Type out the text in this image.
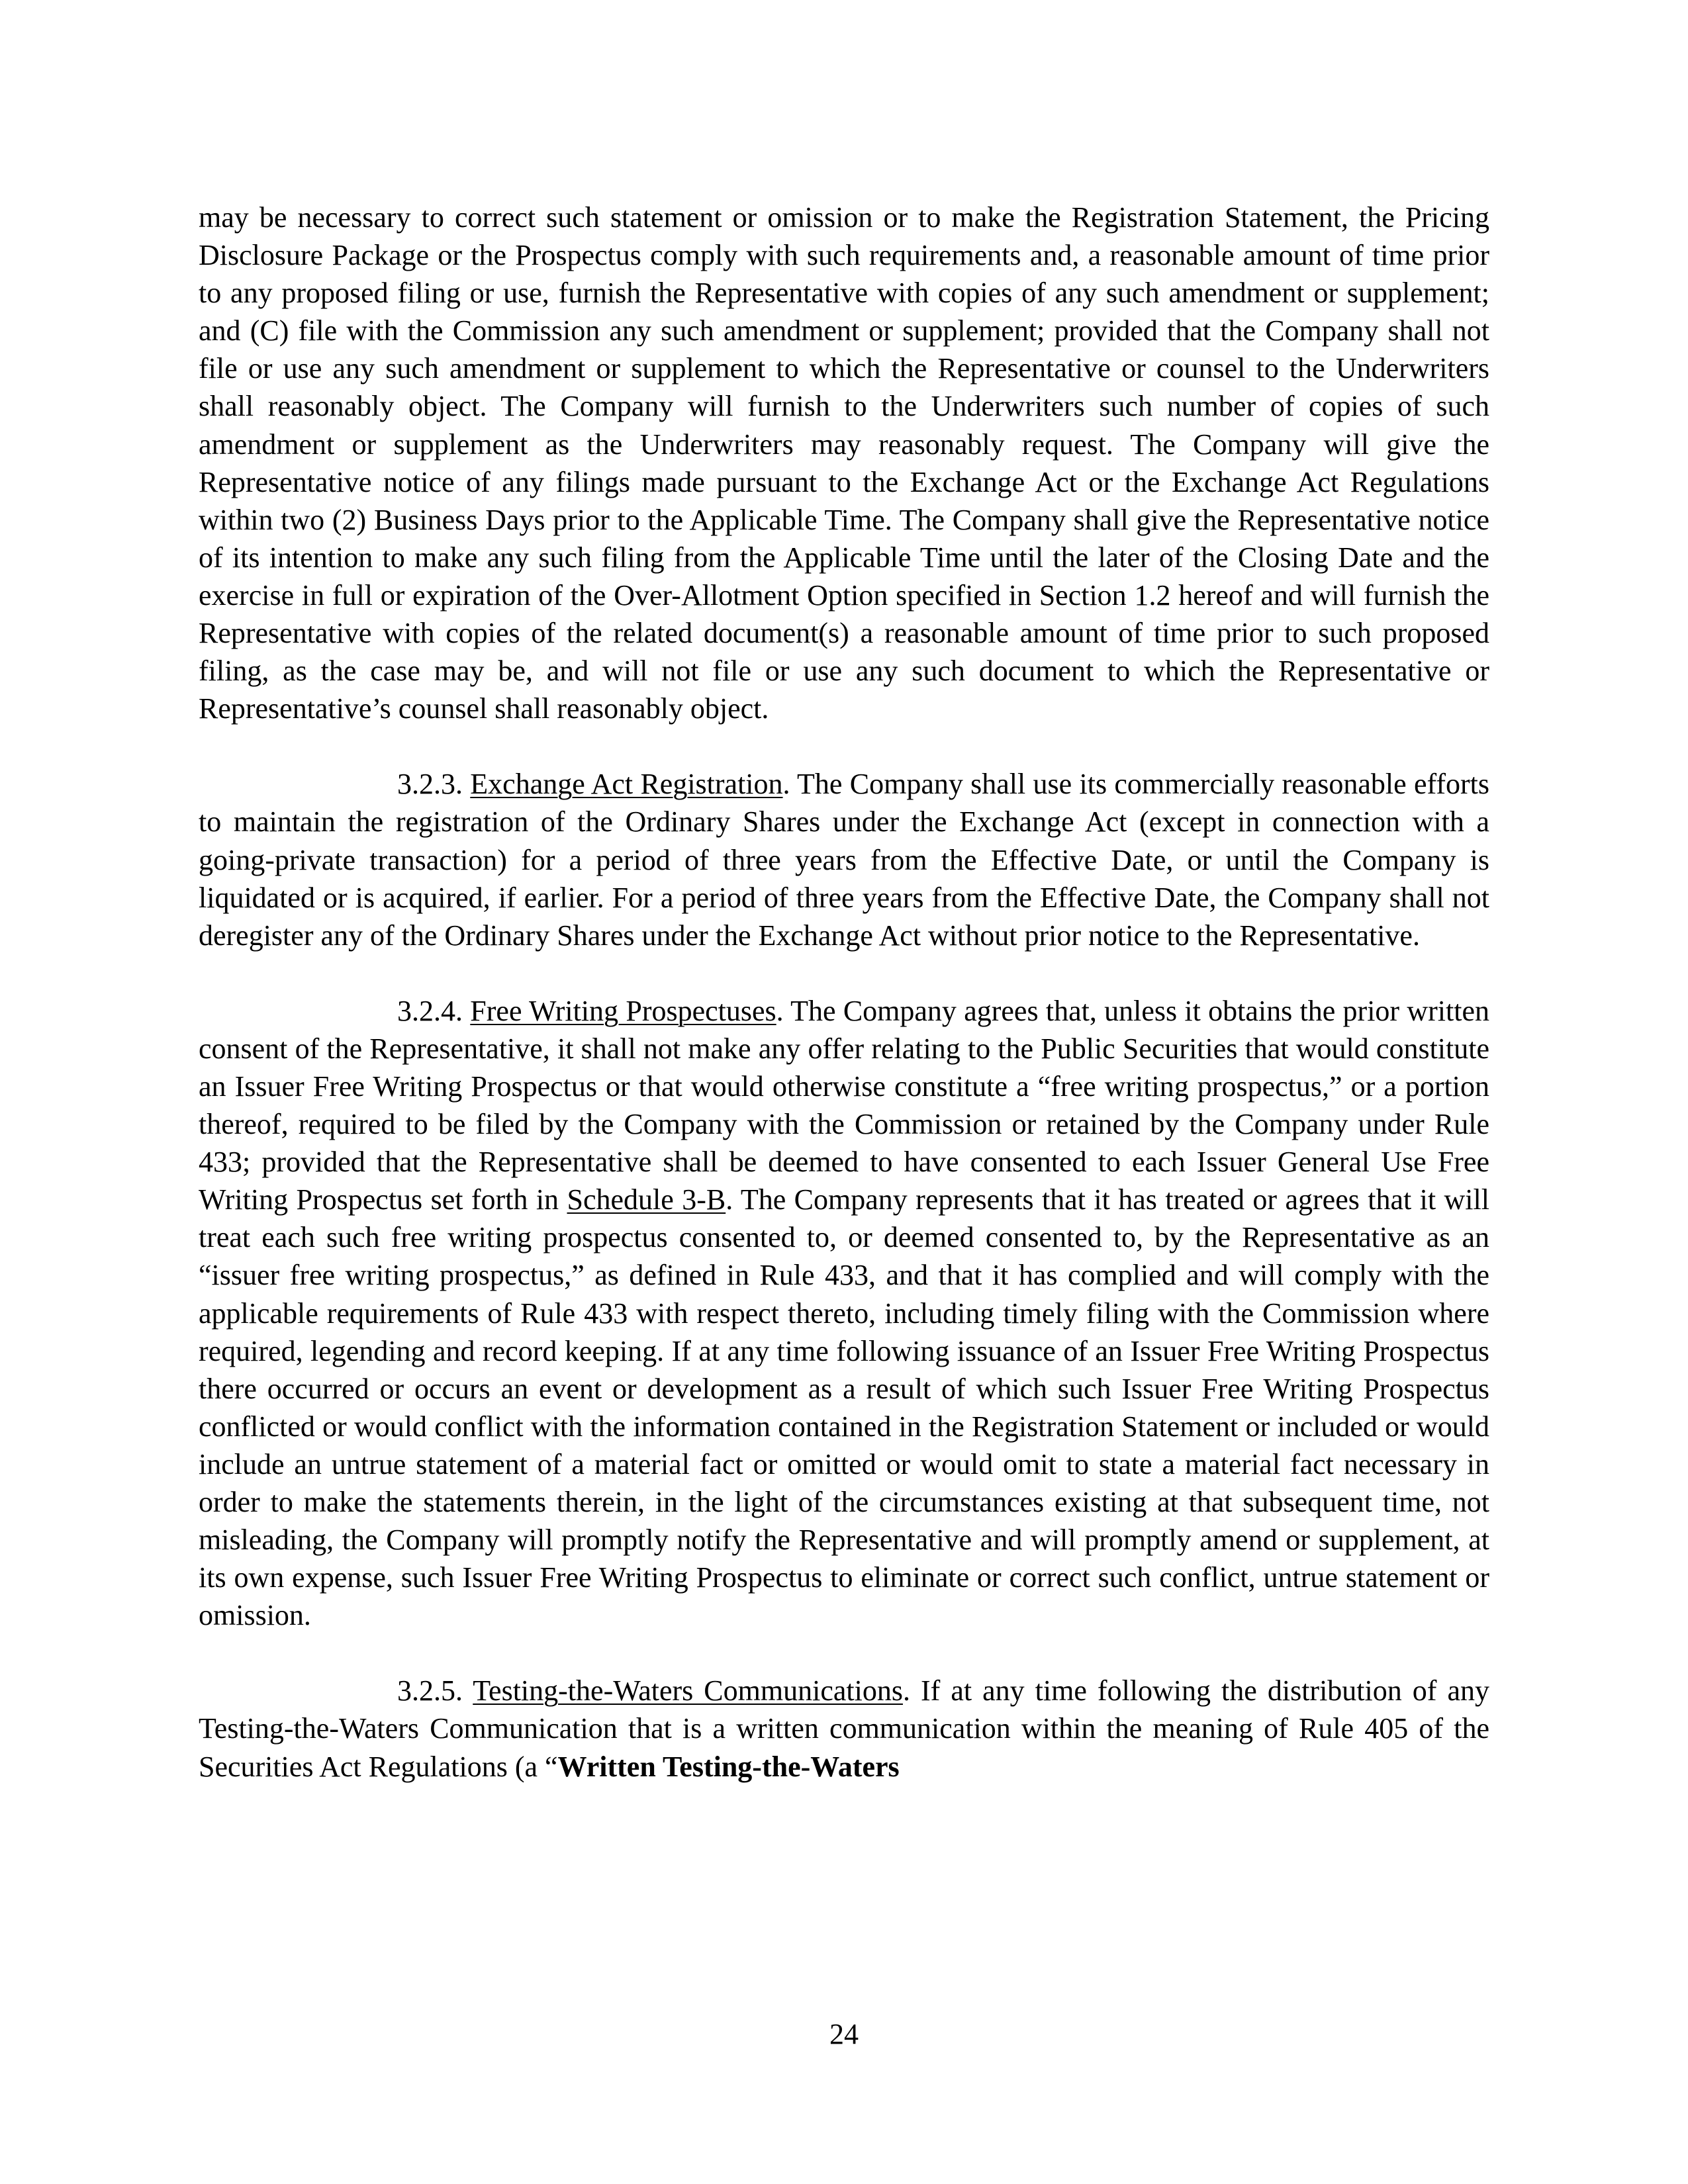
may be necessary to correct such statement or omission or to make the Registration Statement, the Pricing Disclosure Package or the Prospectus comply with such requirements and, a reasonable amount of time prior to any proposed filing or use, furnish the Representative with copies of any such amendment or supplement; and (C) file with the Commission any such amendment or supplement; provided that the Company shall not file or use any such amendment or supplement to which the Representative or counsel to the Underwriters shall reasonably object. The Company will furnish to the Underwriters such number of copies of such amendment or supplement as the Underwriters may reasonably request. The Company will give the Representative notice of any filings made pursuant to the Exchange Act or the Exchange Act Regulations within two (2) Business Days prior to the Applicable Time. The Company shall give the Representative notice of its intention to make any such filing from the Applicable Time until the later of the Closing Date and the exercise in full or expiration of the Over-Allotment Option specified in Section 1.2 hereof and will furnish the Representative with copies of the related document(s) a reasonable amount of time prior to such proposed filing, as the case may be, and will not file or use any such document to which the Representative or Representative’s counsel shall reasonably object.

3.2.3. Exchange Act Registration. The Company shall use its commercially reasonable efforts to maintain the registration of the Ordinary Shares under the Exchange Act (except in connection with a going-private transaction) for a period of three years from the Effective Date, or until the Company is liquidated or is acquired, if earlier. For a period of three years from the Effective Date, the Company shall not deregister any of the Ordinary Shares under the Exchange Act without prior notice to the Representative.

3.2.4. Free Writing Prospectuses. The Company agrees that, unless it obtains the prior written consent of the Representative, it shall not make any offer relating to the Public Securities that would constitute an Issuer Free Writing Prospectus or that would otherwise constitute a “free writing prospectus,” or a portion thereof, required to be filed by the Company with the Commission or retained by the Company under Rule 433; provided that the Representative shall be deemed to have consented to each Issuer General Use Free Writing Prospectus set forth in Schedule 3-B. The Company represents that it has treated or agrees that it will treat each such free writing prospectus consented to, or deemed consented to, by the Representative as an “issuer free writing prospectus,” as defined in Rule 433, and that it has complied and will comply with the applicable requirements of Rule 433 with respect thereto, including timely filing with the Commission where required, legending and record keeping. If at any time following issuance of an Issuer Free Writing Prospectus there occurred or occurs an event or development as a result of which such Issuer Free Writing Prospectus conflicted or would conflict with the information contained in the Registration Statement or included or would include an untrue statement of a material fact or omitted or would omit to state a material fact necessary in order to make the statements therein, in the light of the circumstances existing at that subsequent time, not misleading, the Company will promptly notify the Representative and will promptly amend or supplement, at its own expense, such Issuer Free Writing Prospectus to eliminate or correct such conflict, untrue statement or omission.

3.2.5. Testing-the-Waters Communications. If at any time following the distribution of any Testing-the-Waters Communication that is a written communication within the meaning of Rule 405 of the Securities Act Regulations (a “Written Testing-the-Waters

24
